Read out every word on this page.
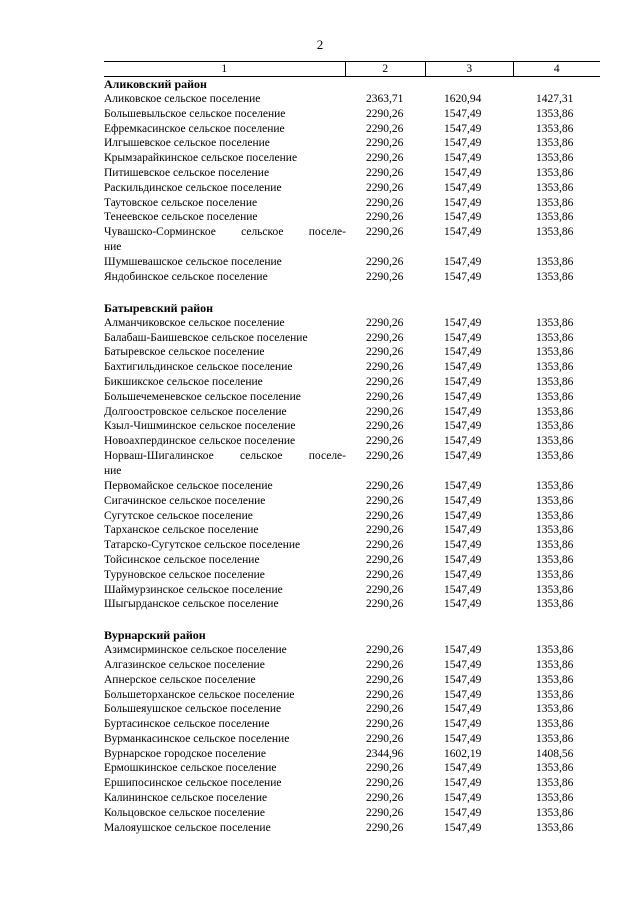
2
1	2	3	4
Аликовский район
Аликовское сельское поселение	2363,71	1620,94	1427,31
Большевыльское сельское поселение	2290,26	1547,49	1353,86
Ефремкасинское сельское поселение	2290,26	1547,49	1353,86
Илгышевское сельское поселение	2290,26	1547,49	1353,86
Крымзарайкинское сельское поселение	2290,26	1547,49	1353,86
Питишевское сельское поселение	2290,26	1547,49	1353,86
Раскильдинское сельское поселение	2290,26	1547,49	1353,86
Таутовское сельское поселение	2290,26	1547,49	1353,86
Тенеевское сельское поселение	2290,26	1547,49	1353,86
Чувашско-Сорминское сельское поселе-
ние
2290,26	1547,49	1353,86
Шумшевашское сельское поселение	2290,26	1547,49	1353,86
Яндобинское сельское поселение	2290,26	1547,49	1353,86
Батыревский район
Алманчиковское сельское поселение	2290,26	1547,49	1353,86
Балабаш-Баишевское сельское поселение	2290,26	1547,49	1353,86
Батыревское сельское поселение	2290,26	1547,49	1353,86
Бахтигильдинское сельское поселение	2290,26	1547,49	1353,86
Бикшикское сельское поселение	2290,26	1547,49	1353,86
Большечеменевское сельское поселение	2290,26	1547,49	1353,86
Долгоостровское сельское поселение	2290,26	1547,49	1353,86
Кзыл-Чишминское сельское поселение	2290,26	1547,49	1353,86
Новоахпердинское сельское поселение	2290,26	1547,49	1353,86
Норваш-Шигалинское сельское поселе-
ние
2290,26	1547,49	1353,86
Первомайское сельское поселение	2290,26	1547,49	1353,86
Сигачинское сельское поселение	2290,26	1547,49	1353,86
Сугутское сельское поселение	2290,26	1547,49	1353,86
Тарханское сельское поселение	2290,26	1547,49	1353,86
Татарско-Сугутское сельское поселение	2290,26	1547,49	1353,86
Тойсинское сельское поселение	2290,26	1547,49	1353,86
Туруновское сельское поселение	2290,26	1547,49	1353,86
Шаймурзинское сельское поселение	2290,26	1547,49	1353,86
Шыгырданское сельское поселение	2290,26	1547,49	1353,86
Вурнарский район
Азимсирминское сельское поселение	2290,26	1547,49	1353,86
Алгазинское сельское поселение	2290,26	1547,49	1353,86
Апнерское сельское поселение	2290,26	1547,49	1353,86
Большеторханское сельское поселение	2290,26	1547,49	1353,86
Большеяушское сельское поселение	2290,26	1547,49	1353,86
Буртасинское сельское поселение	2290,26	1547,49	1353,86
Вурманкасинское сельское поселение	2290,26	1547,49	1353,86
Вурнарское городское поселение	2344,96	1602,19	1408,56
Ермошкинское сельское поселение	2290,26	1547,49	1353,86
Ершипосинское сельское поселение	2290,26	1547,49	1353,86
Калининское сельское поселение	2290,26	1547,49	1353,86
Кольцовское сельское поселение	2290,26	1547,49	1353,86
Малояушское сельское поселение	2290,26	1547,49	1353,86
